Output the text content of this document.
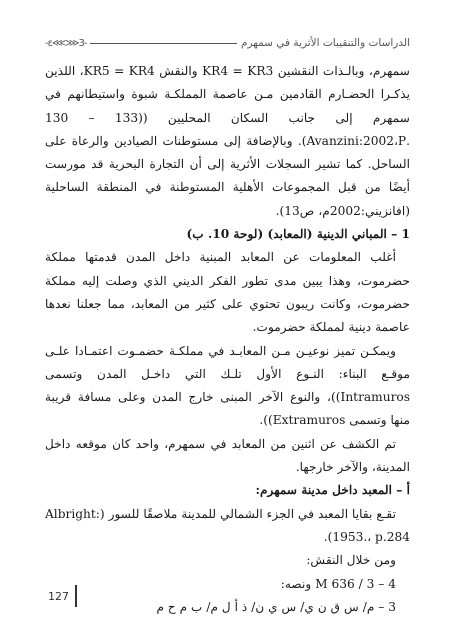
الدراسات والتنقيبات الأثرية في سمهرم
-3⋘⋙ε-

سمهرم، وبالـذات النقشين KR4 = KR3 والنقش KR5 = KR4، اللذين يذكـرا الحضـارم القادمين مـن عاصمة المملكـة شبوة واستيطانهم في سمهرم إلى جانب السكان المحليين ((133 – 130 .Avanzini:2002،P). وبالإضافة إلى مستوطنات الصيادين والرعاة على الساحل. كما تشير السجلات الأثرية إلى أن التجارة البحرية قد مورست أيضًا من قبل المجموعات الأهلية المستوطنة في المنطقة الساحلية (افانزيني:2002م، ص13).

1 – المباني الدينية (المعابد) (لوحة 10. ب)

أغلب المعلومات عن المعابد المبنية داخل المدن قدمتها مملكة حضرموت، وهذا يبين مدى تطور الفكر الديني الذي وصلت إليه مملكة حضرموت، وكانت ريبون تحتوي على كثير من المعابد، مما جعلنا نعدها عاصمة دينية لمملكة حضرموت.

ويمكـن تميز نوعيـن مـن المعابـد في مملكـة حضمـوت اعتمـادا علـى موقـع البناء: النـوع الأول تلـك التي داخـل المدن وتسمى Intramuros))، والنوع الآخر المبنى خارج المدن وعلى مسافة قريبة منها وتسمى Extramuros)).

تم الكشف عن اثنين من المعابد في سمهرم، واحد كان موقعه داخل المدينة، والآخر خارجها.

أ – المعبد داخل مدينة سمهرم:

تقـع بقايا المعبد في الجزء الشمالي للمدينة ملاصقًا للسور (Albright: 1953.، p.284).

ومن خلال النقش:

4 – 3 / M 636 ونصه:

3 – م/ س ق ن ي/ س ي ن/ ذ أ ل م/ ب م ح م

127
